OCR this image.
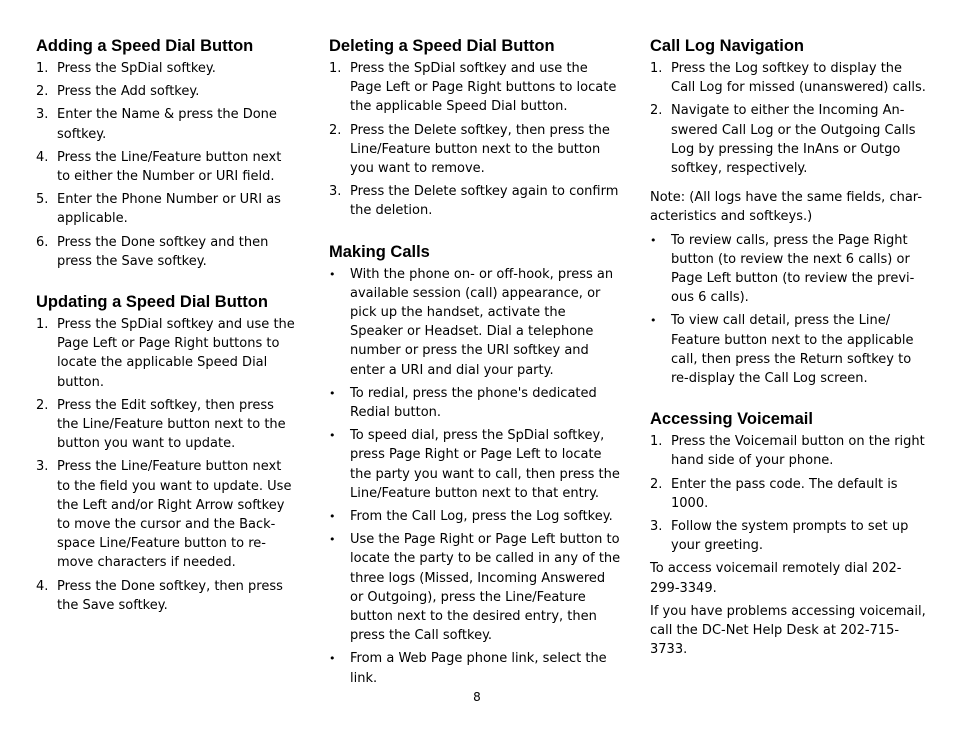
Adding a Speed Dial Button
1. Press the SpDial softkey.
2. Press the Add softkey.
3. Enter the Name & press the Done softkey.
4. Press the Line/Feature button next to either the Number or URI field.
5. Enter the Phone Number or URI as applicable.
6. Press the Done softkey and then press the Save softkey.
Updating a Speed Dial Button
1. Press the SpDial softkey and use the Page Left or Page Right buttons to locate the applicable Speed Dial button.
2. Press the Edit softkey, then press the Line/Feature button next to the button you want to update.
3. Press the Line/Feature button next to the field you want to update. Use the Left and/or Right Arrow softkey to move the cursor and the Back-space Line/Feature button to re-move characters if needed.
4. Press the Done softkey, then press the Save softkey.
Deleting a Speed Dial Button
1. Press the SpDial softkey and use the Page Left or Page Right buttons to locate the applicable Speed Dial button.
2. Press the Delete softkey, then press the Line/Feature button next to the button you want to remove.
3. Press the Delete softkey again to confirm the deletion.
Making Calls
•	With the phone on- or off-hook, press an available session (call) appearance, or pick up the handset, activate the Speaker or Headset. Dial a telephone number or press the URI softkey and enter a URI and dial your party.
•	To redial, press the phone's dedicated Redial button.
•	To speed dial, press the SpDial softkey, press Page Right or Page Left to locate the party you want to call, then press the Line/Feature button next to that entry.
•	From the Call Log, press the Log softkey.
•	Use the Page Right or Page Left button to locate the party to be called in any of the three logs (Missed, Incoming Answered or Outgoing), press the Line/Feature button next to the desired entry, then press the Call softkey.
•	From a Web Page phone link, select the link.
Call Log Navigation
1. Press the Log softkey to display the Call Log for missed (unanswered) calls.
2. Navigate to either the Incoming An-swered Call Log or the Outgoing Calls Log by pressing the InAns or Outgo softkey, respectively.

Note: (All logs have the same fields, char-acteristics and softkeys.)

•	To review calls, press the Page Right button (to review the next 6 calls) or Page Left button (to review the previ-ous 6 calls).
•	To view call detail, press the Line/ Feature button next to the applicable call, then press the Return softkey to re-display the Call Log screen.
Accessing Voicemail
1. Press the Voicemail button on the right hand side of your phone.
2. Enter the pass code. The default is 1000.
3. Follow the system prompts to set up your greeting.

To access voicemail remotely dial 202-299-3349.

If you have problems accessing voicemail, call the DC-Net Help Desk at 202-715-3733.

8
